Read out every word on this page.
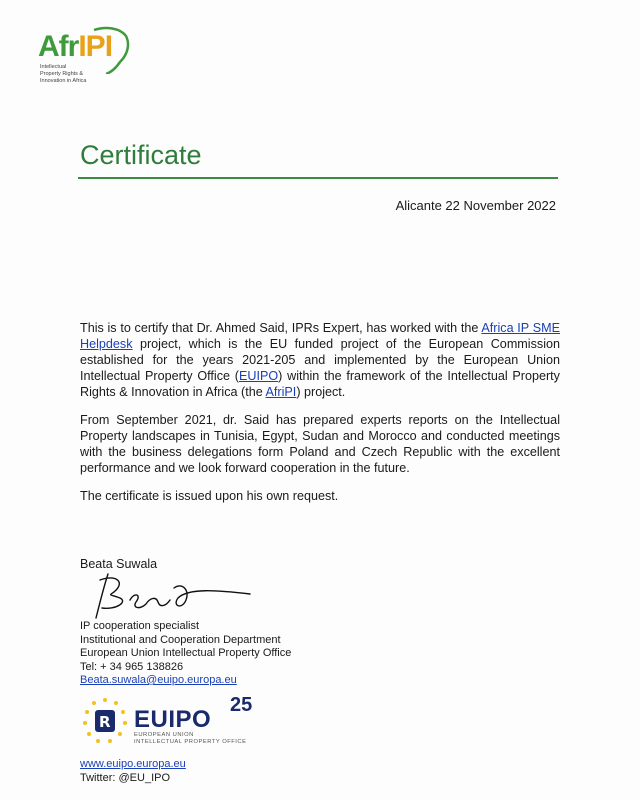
AfrIPI
Intellectual
Property Rights &
Innovation in Africa
Certificate
Alicante 22 November 2022

This is to certify that Dr. Ahmed Said, IPRs Expert, has worked with the Africa IP SME Helpdesk project, which is the EU funded project of the European Commission established for the years 2021-205 and implemented by the European Union Intellectual Property Office (EUIPO) within the framework of the Intellectual Property Rights & Innovation in Africa (the AfriPI) project.

From September 2021, dr. Said has prepared experts reports on the Intellectual Property landscapes in Tunisia, Egypt, Sudan and Morocco and conducted meetings with the business delegations form Poland and Czech Republic with the excellent performance and we look forward cooperation in the future.

The certificate is issued upon his own request.

Beata Suwala
IP cooperation specialist
Institutional and Cooperation Department
European Union Intellectual Property Office
Tel: + 34 965 138826
Beata.suwala@euipo.europa.eu
R EUIPO
25
EUROPEAN UNION
INTELLECTUAL PROPERTY OFFICE
www.euipo.europa.eu
Twitter: @EU_IPO
